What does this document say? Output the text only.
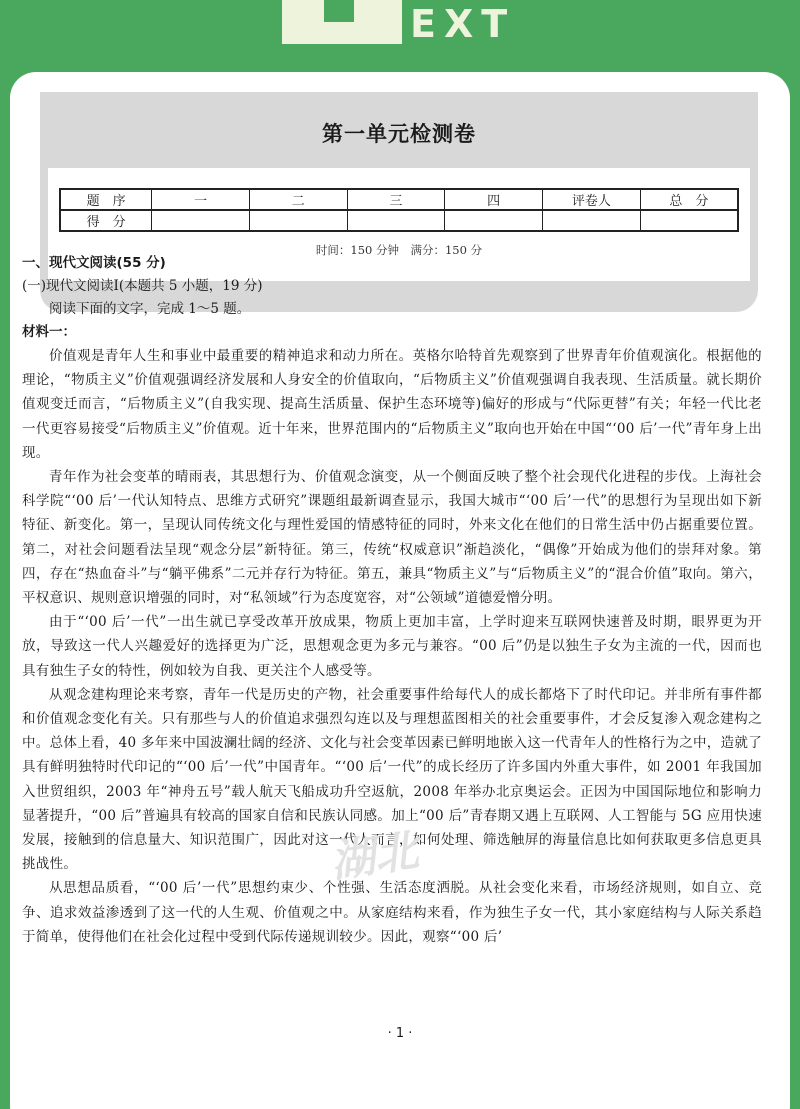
EXT
第一单元检测卷
题　序	一	二	三	四	评卷人	总　分
得　分						
时间：150 分钟　满分：150 分
一、现代文阅读(55 分)
(一)现代文阅读Ⅰ(本题共 5 小题，19 分)
阅读下面的文字，完成 1～5 题。
材料一：

价值观是青年人生和事业中最重要的精神追求和动力所在。英格尔哈特首先观察到了世界青年价值观演化。根据他的理论，“物质主义”价值观强调经济发展和人身安全的价值取向，“后物质主义”价值观强调自我表现、生活质量。就长期价值观变迁而言，“后物质主义”(自我实现、提高生活质量、保护生态环境等)偏好的形成与“代际更替”有关；年轻一代比老一代更容易接受“后物质主义”价值观。近十年来，世界范围内的“后物质主义”取向也开始在中国“‘00 后’一代”青年身上出现。

青年作为社会变革的晴雨表，其思想行为、价值观念演变，从一个侧面反映了整个社会现代化进程的步伐。上海社会科学院“‘00 后’一代认知特点、思维方式研究”课题组最新调查显示，我国大城市“‘00 后’一代”的思想行为呈现出如下新特征、新变化。第一，呈现认同传统文化与理性爱国的情感特征的同时，外来文化在他们的日常生活中仍占据重要位置。第二，对社会问题看法呈现“观念分层”新特征。第三，传统“权威意识”渐趋淡化，“偶像”开始成为他们的崇拜对象。第四，存在“热血奋斗”与“躺平佛系”二元并存行为特征。第五，兼具“物质主义”与“后物质主义”的“混合价值”取向。第六，平权意识、规则意识增强的同时，对“私领域”行为态度宽容，对“公领域”道德爱憎分明。

由于“‘00 后’一代”一出生就已享受改革开放成果，物质上更加丰富，上学时迎来互联网快速普及时期，眼界更为开放，导致这一代人兴趣爱好的选择更为广泛，思想观念更为多元与兼容。“00 后”仍是以独生子女为主流的一代，因而也具有独生子女的特性，例如较为自我、更关注个人感受等。

从观念建构理论来考察，青年一代是历史的产物，社会重要事件给每代人的成长都烙下了时代印记。并非所有事件都和价值观念变化有关。只有那些与人的价值追求强烈勾连以及与理想蓝图相关的社会重要事件，才会反复渗入观念建构之中。总体上看，40 多年来中国波澜壮阔的经济、文化与社会变革因素已鲜明地嵌入这一代青年人的性格行为之中，造就了具有鲜明独特时代印记的“‘00 后’一代”中国青年。“‘00 后’一代”的成长经历了许多国内外重大事件，如 2001 年我国加入世贸组织，2003 年“神舟五号”载人航天飞船成功升空返航，2008 年举办北京奥运会。正因为中国国际地位和影响力显著提升，“00 后”普遍具有较高的国家自信和民族认同感。加上“00 后”青春期又遇上互联网、人工智能与 5G 应用快速发展，接触到的信息量大、知识范围广，因此对这一代人而言，如何处理、筛选触屏的海量信息比如何获取更多信息更具挑战性。

从思想品质看，“‘00 后’一代”思想约束少、个性强、生活态度洒脱。从社会变化来看，市场经济规则，如自立、竞争、追求效益渗透到了这一代的人生观、价值观之中。从家庭结构来看，作为独生子女一代，其小家庭结构与人际关系趋于简单，使得他们在社会化过程中受到代际传递规训较少。因此，观察“‘00 后’

湖北
· 1 ·
